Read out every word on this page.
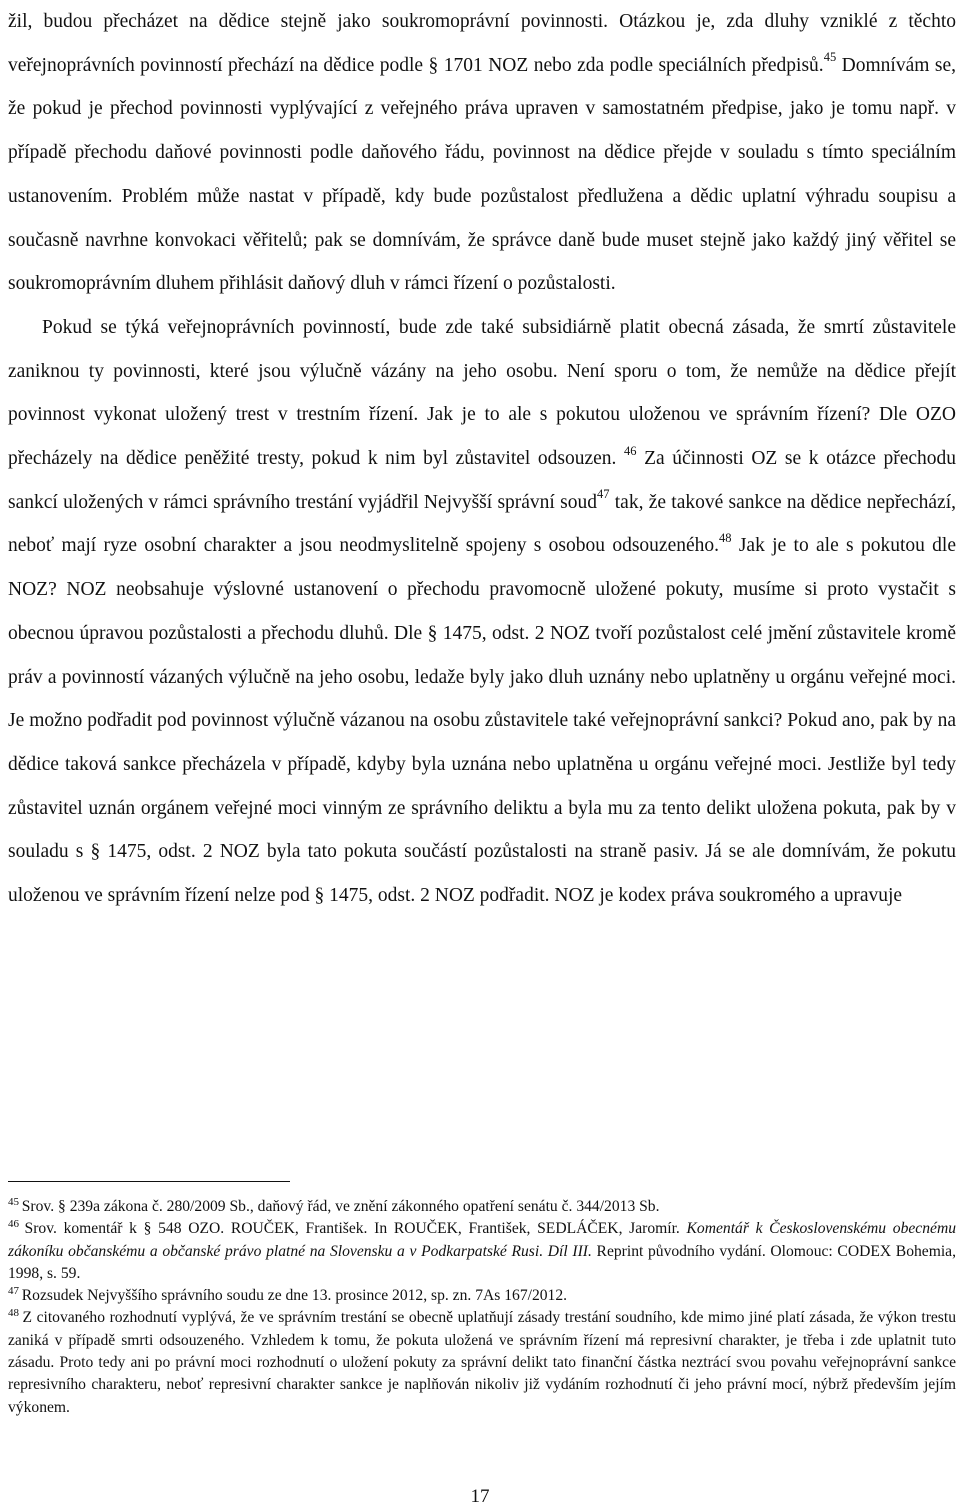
žil, budou přecházet na dědice stejně jako soukromoprávní povinnosti. Otázkou je, zda dluhy vzniklé z těchto veřejnoprávních povinností přechází na dědice podle § 1701 NOZ nebo zda podle speciálních předpisů.$^{45}$ Domnívám se, že pokud je přechod povinnosti vyplývající z veřejného práva upraven v samostatném předpise, jako je tomu např. v případě přechodu daňové povinnosti podle daňového řádu, povinnost na dědice přejde v souladu s tímto speciálním ustanovením. Problém může nastat v případě, kdy bude pozůstalost předlužena a dědic uplatní výhradu soupisu a současně navrhne konvokaci věřitelů; pak se domnívám, že správce daně bude muset stejně jako každý jiný věřitel se soukromoprávním dluhem přihlásit daňový dluh v rámci řízení o pozůstalosti.

Pokud se týká veřejnoprávních povinností, bude zde také subsidiárně platit obecná zásada, že smrtí zůstavitele zaniknou ty povinnosti, které jsou výlučně vázány na jeho osobu. Není sporu o tom, že nemůže na dědice přejít povinnost vykonat uložený trest v trestním řízení. Jak je to ale s pokutou uloženou ve správním řízení? Dle OZO přecházely na dědice peněžité tresty, pokud k nim byl zůstavitel odsouzen. $^{46}$ Za účinnosti OZ se k otázce přechodu sankcí uložených v rámci správního trestání vyjádřil Nejvyšší správní soud$^{47}$ tak, že takové sankce na dědice nepřechází, neboť mají ryze osobní charakter a jsou neodmyslitelně spojeny s osobou odsouzeného.$^{48}$ Jak je to ale s pokutou dle NOZ? NOZ neobsahuje výslovné ustanovení o přechodu pravomocně uložené pokuty, musíme si proto vystačit s obecnou úpravou pozůstalosti a přechodu dluhů. Dle § 1475, odst. 2 NOZ tvoří pozůstalost celé jmění zůstavitele kromě práv a povinností vázaných výlučně na jeho osobu, ledaže byly jako dluh uznány nebo uplatněny u orgánu veřejné moci. Je možno podřadit pod povinnost výlučně vázanou na osobu zůstavitele také veřejnoprávní sankci? Pokud ano, pak by na dědice taková sankce přecházela v případě, kdyby byla uznána nebo uplatněna u orgánu veřejné moci. Jestliže byl tedy zůstavitel uznán orgánem veřejné moci vinným ze správního deliktu a byla mu za tento delikt uložena pokuta, pak by v souladu s § 1475, odst. 2 NOZ byla tato pokuta součástí pozůstalosti na straně pasiv. Já se ale domnívám, že pokutu uloženou ve správním řízení nelze pod § 1475, odst. 2 NOZ podřadit. NOZ je kodex práva soukromého a upravuje

$^{45}$ Srov. § 239a zákona č. 280/2009 Sb., daňový řád, ve znění zákonného opatření senátu č. 344/2013 Sb.

$^{46}$ Srov. komentář k § 548 OZO. ROUČEK, František. In ROUČEK, František, SEDLÁČEK, Jaromír. Komentář k Československému obecnému zákoníku občanskému a občanské právo platné na Slovensku a v Podkarpatské Rusi. Díl III. Reprint původního vydání. Olomouc: CODEX Bohemia, 1998, s. 59.

$^{47}$ Rozsudek Nejvyššího správního soudu ze dne 13. prosince 2012, sp. zn. 7As 167/2012.

$^{48}$ Z citovaného rozhodnutí vyplývá, že ve správním trestání se obecně uplatňují zásady trestání soudního, kde mimo jiné platí zásada, že výkon trestu zaniká v případě smrti odsouzeného. Vzhledem k tomu, že pokuta uložená ve správním řízení má represivní charakter, je třeba i zde uplatnit tuto zásadu. Proto tedy ani po právní moci rozhodnutí o uložení pokuty za správní delikt tato finanční částka neztrácí svou povahu veřejnoprávní sankce represivního charakteru, neboť represivní charakter sankce je naplňován nikoliv již vydáním rozhodnutí či jeho právní mocí, nýbrž především jejím výkonem.

17
